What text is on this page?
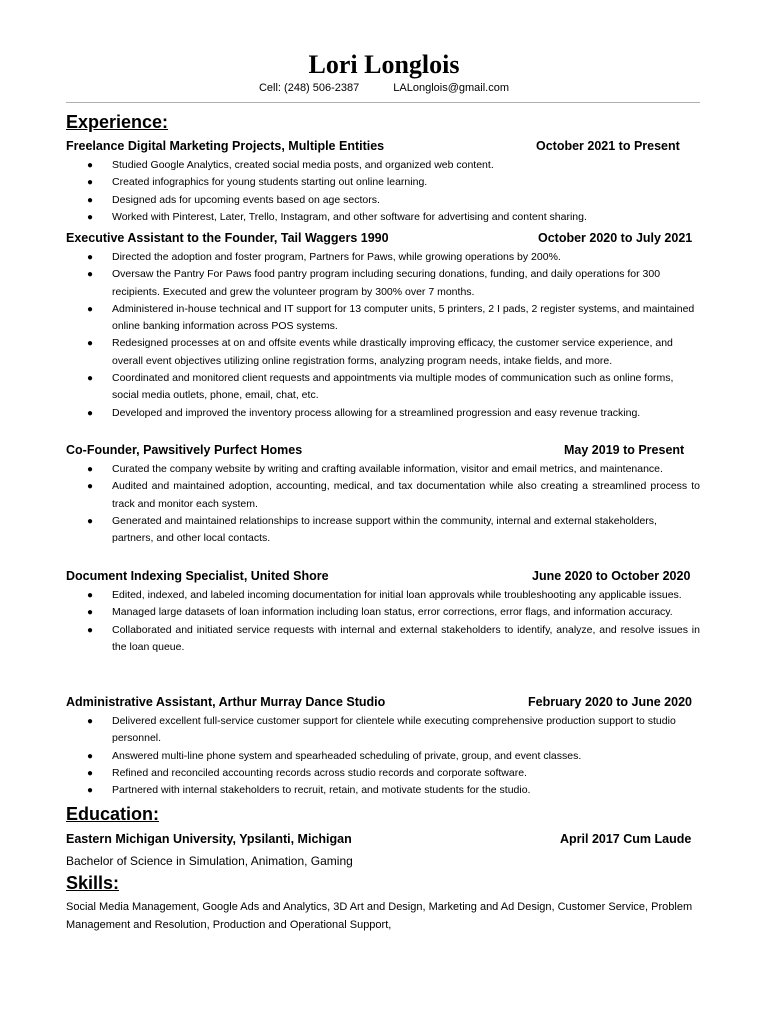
Lori Longlois
Cell: (248) 506-2387	LALonglois@gmail.com
Experience:
Freelance Digital Marketing Projects, Multiple Entities	October 2021 to Present
● Studied Google Analytics, created social media posts, and organized web content.
● Created infographics for young students starting out online learning.
● Designed ads for upcoming events based on age sectors.
● Worked with Pinterest, Later, Trello, Instagram, and other software for advertising and content sharing.
Executive Assistant to the Founder, Tail Waggers 1990	October 2020 to July 2021
● Directed the adoption and foster program, Partners for Paws, while growing operations by 200%.
● Oversaw the Pantry For Paws food pantry program including securing donations, funding, and daily operations for 300 recipients. Executed and grew the volunteer program by 300% over 7 months.
● Administered in-house technical and IT support for 13 computer units, 5 printers, 2 I pads, 2 register systems, and maintained online banking information across POS systems.
● Redesigned processes at on and offsite events while drastically improving efficacy, the customer service experience, and overall event objectives utilizing online registration forms, analyzing program needs, intake fields, and more.
● Coordinated and monitored client requests and appointments via multiple modes of communication such as online forms, social media outlets, phone, email, chat, etc.
● Developed and improved the inventory process allowing for a streamlined progression and easy revenue tracking.
Co-Founder, Pawsitively Purfect Homes	May 2019 to Present
● Curated the company website by writing and crafting available information, visitor and email metrics, and maintenance.
● Audited and maintained adoption, accounting, medical, and tax documentation while also creating a streamlined process to track and monitor each system.
● Generated and maintained relationships to increase support within the community, internal and external stakeholders, partners, and other local contacts.
Document Indexing Specialist, United Shore	June 2020 to October 2020
● Edited, indexed, and labeled incoming documentation for initial loan approvals while troubleshooting any applicable issues.
● Managed large datasets of loan information including loan status, error corrections, error flags, and information accuracy.
● Collaborated and initiated service requests with internal and external stakeholders to identify, analyze, and resolve issues in the loan queue.
Administrative Assistant, Arthur Murray Dance Studio	February 2020 to June 2020
● Delivered excellent full-service customer support for clientele while executing comprehensive production support to studio personnel.
● Answered multi-line phone system and spearheaded scheduling of private, group, and event classes.
● Refined and reconciled accounting records across studio records and corporate software.
● Partnered with internal stakeholders to recruit, retain, and motivate students for the studio.
Education:
Eastern Michigan University, Ypsilanti, Michigan	April 2017 Cum Laude
Bachelor of Science in Simulation, Animation, Gaming
Skills:
Social Media Management, Google Ads and Analytics, 3D Art and Design, Marketing and Ad Design, Customer Service, Problem Management and Resolution, Production and Operational Support,
